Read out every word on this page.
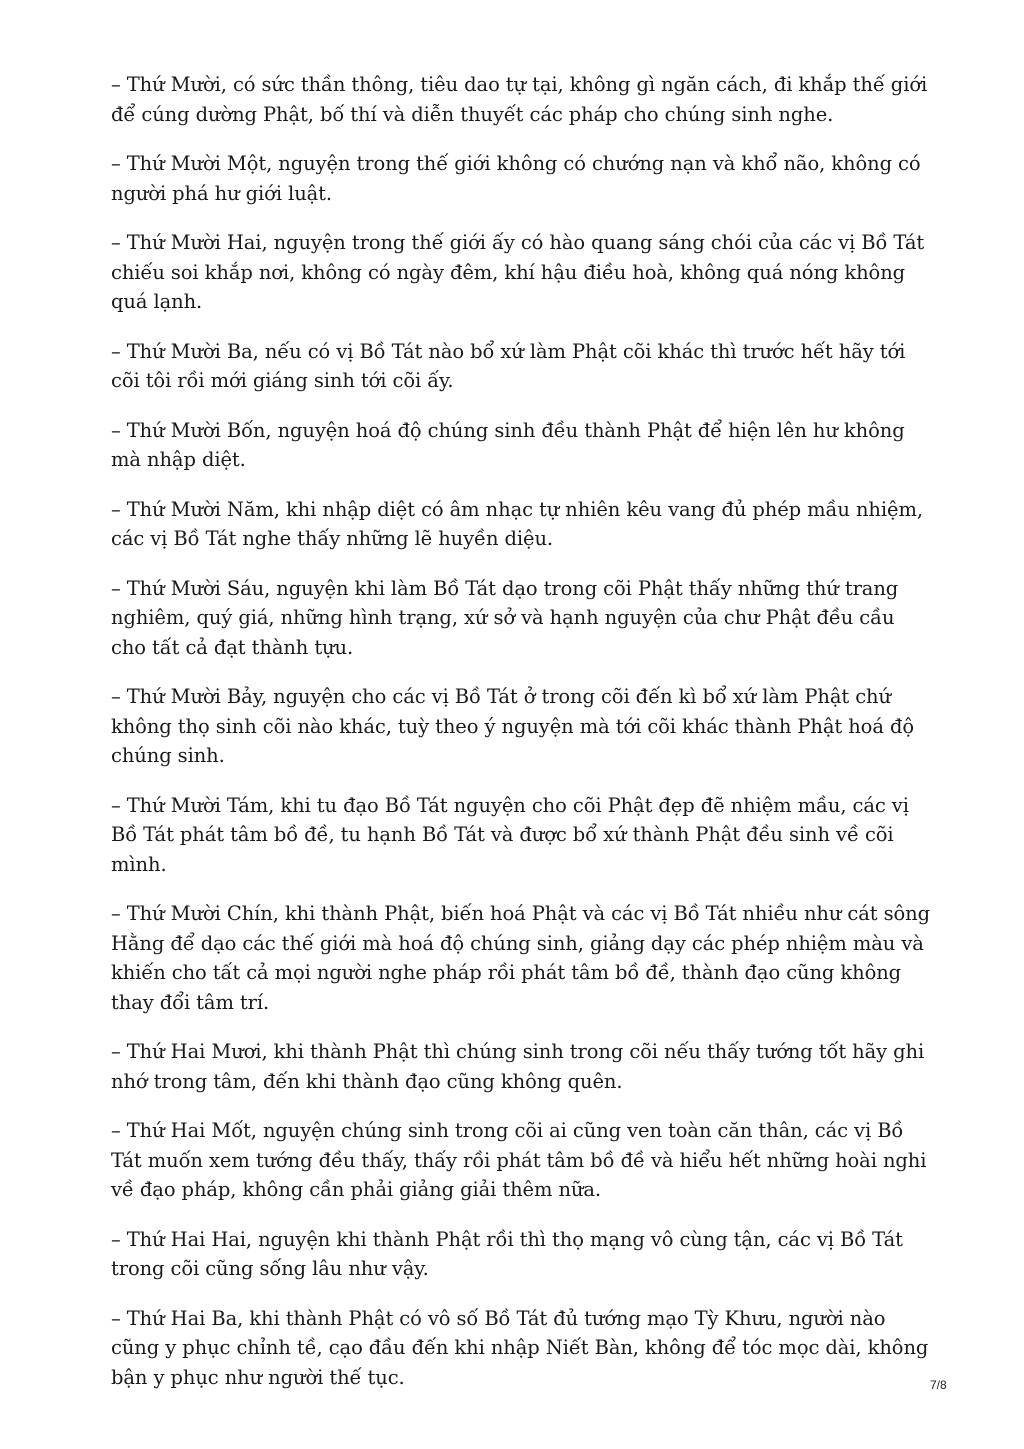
– Thứ Mười, có sức thần thông, tiêu dao tự tại, không gì ngăn cách, đi khắp thế giới để cúng dường Phật, bố thí và diễn thuyết các pháp cho chúng sinh nghe.

– Thứ Mười Một, nguyện trong thế giới không có chướng nạn và khổ não, không có người phá hư giới luật.

– Thứ Mười Hai, nguyện trong thế giới ấy có hào quang sáng chói của các vị Bồ Tát chiếu soi khắp nơi, không có ngày đêm, khí hậu điều hoà, không quá nóng không quá lạnh.

– Thứ Mười Ba, nếu có vị Bồ Tát nào bổ xứ làm Phật cõi khác thì trước hết hãy tới cõi tôi rồi mới giáng sinh tới cõi ấy.

– Thứ Mười Bốn, nguyện hoá độ chúng sinh đều thành Phật để hiện lên hư không mà nhập diệt.

– Thứ Mười Năm, khi nhập diệt có âm nhạc tự nhiên kêu vang đủ phép mầu nhiệm, các vị Bồ Tát nghe thấy những lẽ huyền diệu.

– Thứ Mười Sáu, nguyện khi làm Bồ Tát dạo trong cõi Phật thấy những thứ trang nghiêm, quý giá, những hình trạng, xứ sở và hạnh nguyện của chư Phật đều cầu cho tất cả đạt thành tựu.

– Thứ Mười Bảy, nguyện cho các vị Bồ Tát ở trong cõi đến kì bổ xứ làm Phật chứ không thọ sinh cõi nào khác, tuỳ theo ý nguyện mà tới cõi khác thành Phật hoá độ chúng sinh.

– Thứ Mười Tám, khi tu đạo Bồ Tát nguyện cho cõi Phật đẹp đẽ nhiệm mầu, các vị Bồ Tát phát tâm bồ đề, tu hạnh Bồ Tát và được bổ xứ thành Phật đều sinh về cõi mình.

– Thứ Mười Chín, khi thành Phật, biến hoá Phật và các vị Bồ Tát nhiều như cát sông Hằng để dạo các thế giới mà hoá độ chúng sinh, giảng dạy các phép nhiệm màu và khiến cho tất cả mọi người nghe pháp rồi phát tâm bồ đề, thành đạo cũng không thay đổi tâm trí.

– Thứ Hai Mươi, khi thành Phật thì chúng sinh trong cõi nếu thấy tướng tốt hãy ghi nhớ trong tâm, đến khi thành đạo cũng không quên.

– Thứ Hai Mốt, nguyện chúng sinh trong cõi ai cũng ven toàn căn thân, các vị Bồ Tát muốn xem tướng đều thấy, thấy rồi phát tâm bồ đề và hiểu hết những hoài nghi về đạo pháp, không cần phải giảng giải thêm nữa.

– Thứ Hai Hai, nguyện khi thành Phật rồi thì thọ mạng vô cùng tận, các vị Bồ Tát trong cõi cũng sống lâu như vậy.

– Thứ Hai Ba, khi thành Phật có vô số Bồ Tát đủ tướng mạo Tỳ Khưu, người nào cũng y phục chỉnh tề, cạo đầu đến khi nhập Niết Bàn, không để tóc mọc dài, không bận y phục như người thế tục.	7/8
